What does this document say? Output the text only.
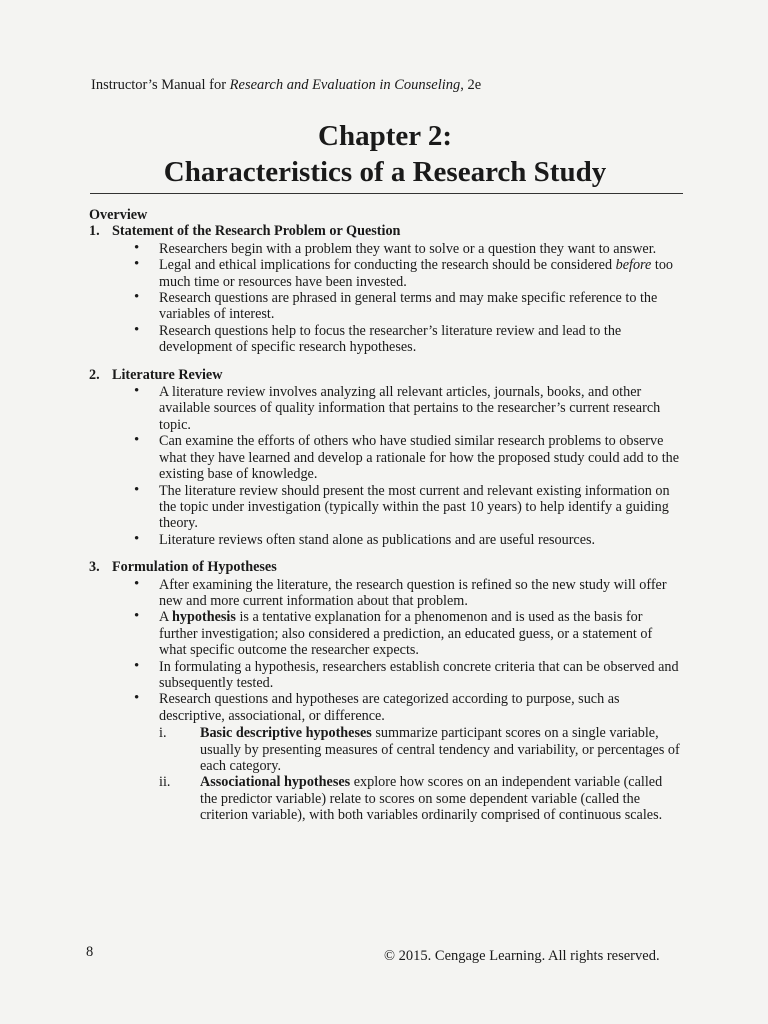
Instructor’s Manual for Research and Evaluation in Counseling, 2e
Chapter 2:
Characteristics of a Research Study
Overview
1. Statement of the Research Problem or Question
• Researchers begin with a problem they want to solve or a question they want to answer.
• Legal and ethical implications for conducting the research should be considered before too much time or resources have been invested.
• Research questions are phrased in general terms and may make specific reference to the variables of interest.
• Research questions help to focus the researcher’s literature review and lead to the development of specific research hypotheses.
2. Literature Review
• A literature review involves analyzing all relevant articles, journals, books, and other available sources of quality information that pertains to the researcher’s current research topic.
• Can examine the efforts of others who have studied similar research problems to observe what they have learned and develop a rationale for how the proposed study could add to the existing base of knowledge.
• The literature review should present the most current and relevant existing information on the topic under investigation (typically within the past 10 years) to help identify a guiding theory.
• Literature reviews often stand alone as publications and are useful resources.
3. Formulation of Hypotheses
• After examining the literature, the research question is refined so the new study will offer new and more current information about that problem.
• A hypothesis is a tentative explanation for a phenomenon and is used as the basis for further investigation; also considered a prediction, an educated guess, or a statement of what specific outcome the researcher expects.
• In formulating a hypothesis, researchers establish concrete criteria that can be observed and subsequently tested.
• Research questions and hypotheses are categorized according to purpose, such as descriptive, associational, or difference.
i.	Basic descriptive hypotheses summarize participant scores on a single variable, usually by presenting measures of central tendency and variability, or percentages of each category.
ii.	Associational hypotheses explore how scores on an independent variable (called the predictor variable) relate to scores on some dependent variable (called the criterion variable), with both variables ordinarily comprised of continuous scales.
8	© 2015. Cengage Learning. All rights reserved.
